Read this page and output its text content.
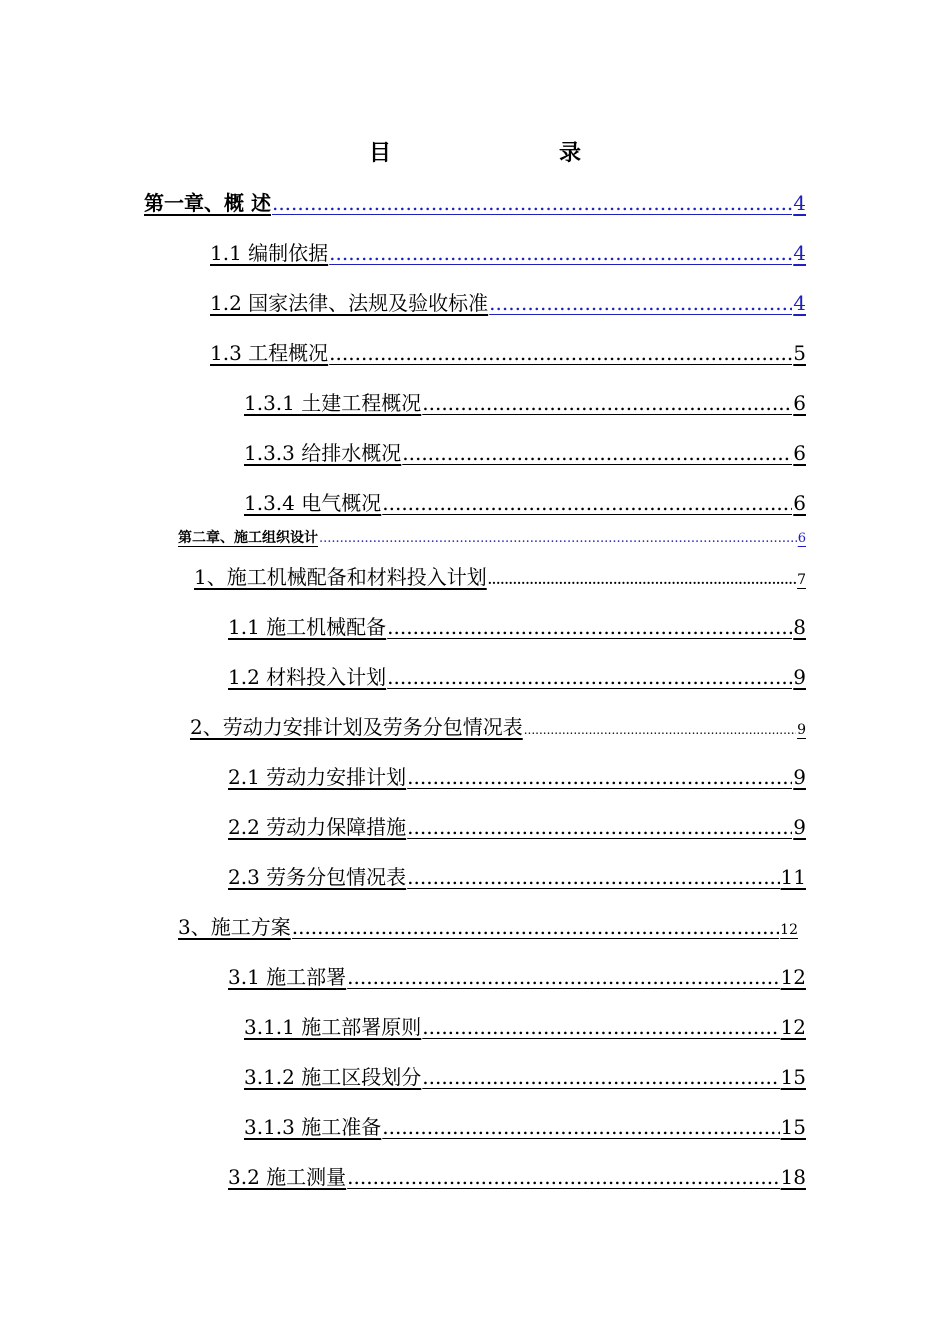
目	录
第一章、概 述 .....	4
1.1 编制依据 .....	4
1.2 国家法律、法规及验收标准 .....	4
1.3 工程概况 .....	5
1.3.1 土建工程概况 .....	6
1.3.3 给排水概况 .....	6
1.3.4 电气概况 .....	6
第二章、施工组织设计 .....	6
1、施工机械配备和材料投入计划 .....	7
1.1 施工机械配备 .....	8
1.2 材料投入计划 .....	9
2、劳动力安排计划及劳务分包情况表 .....	9
2.1 劳动力安排计划 .....	9
2.2 劳动力保障措施 .....	9
2.3 劳务分包情况表 .....	11
3、施工方案 .....	12
3.1 施工部署 .....	12
3.1.1 施工部署原则 .....	12
3.1.2 施工区段划分 .....	15
3.1.3 施工准备 .....	15
3.2 施工测量 .....	18
